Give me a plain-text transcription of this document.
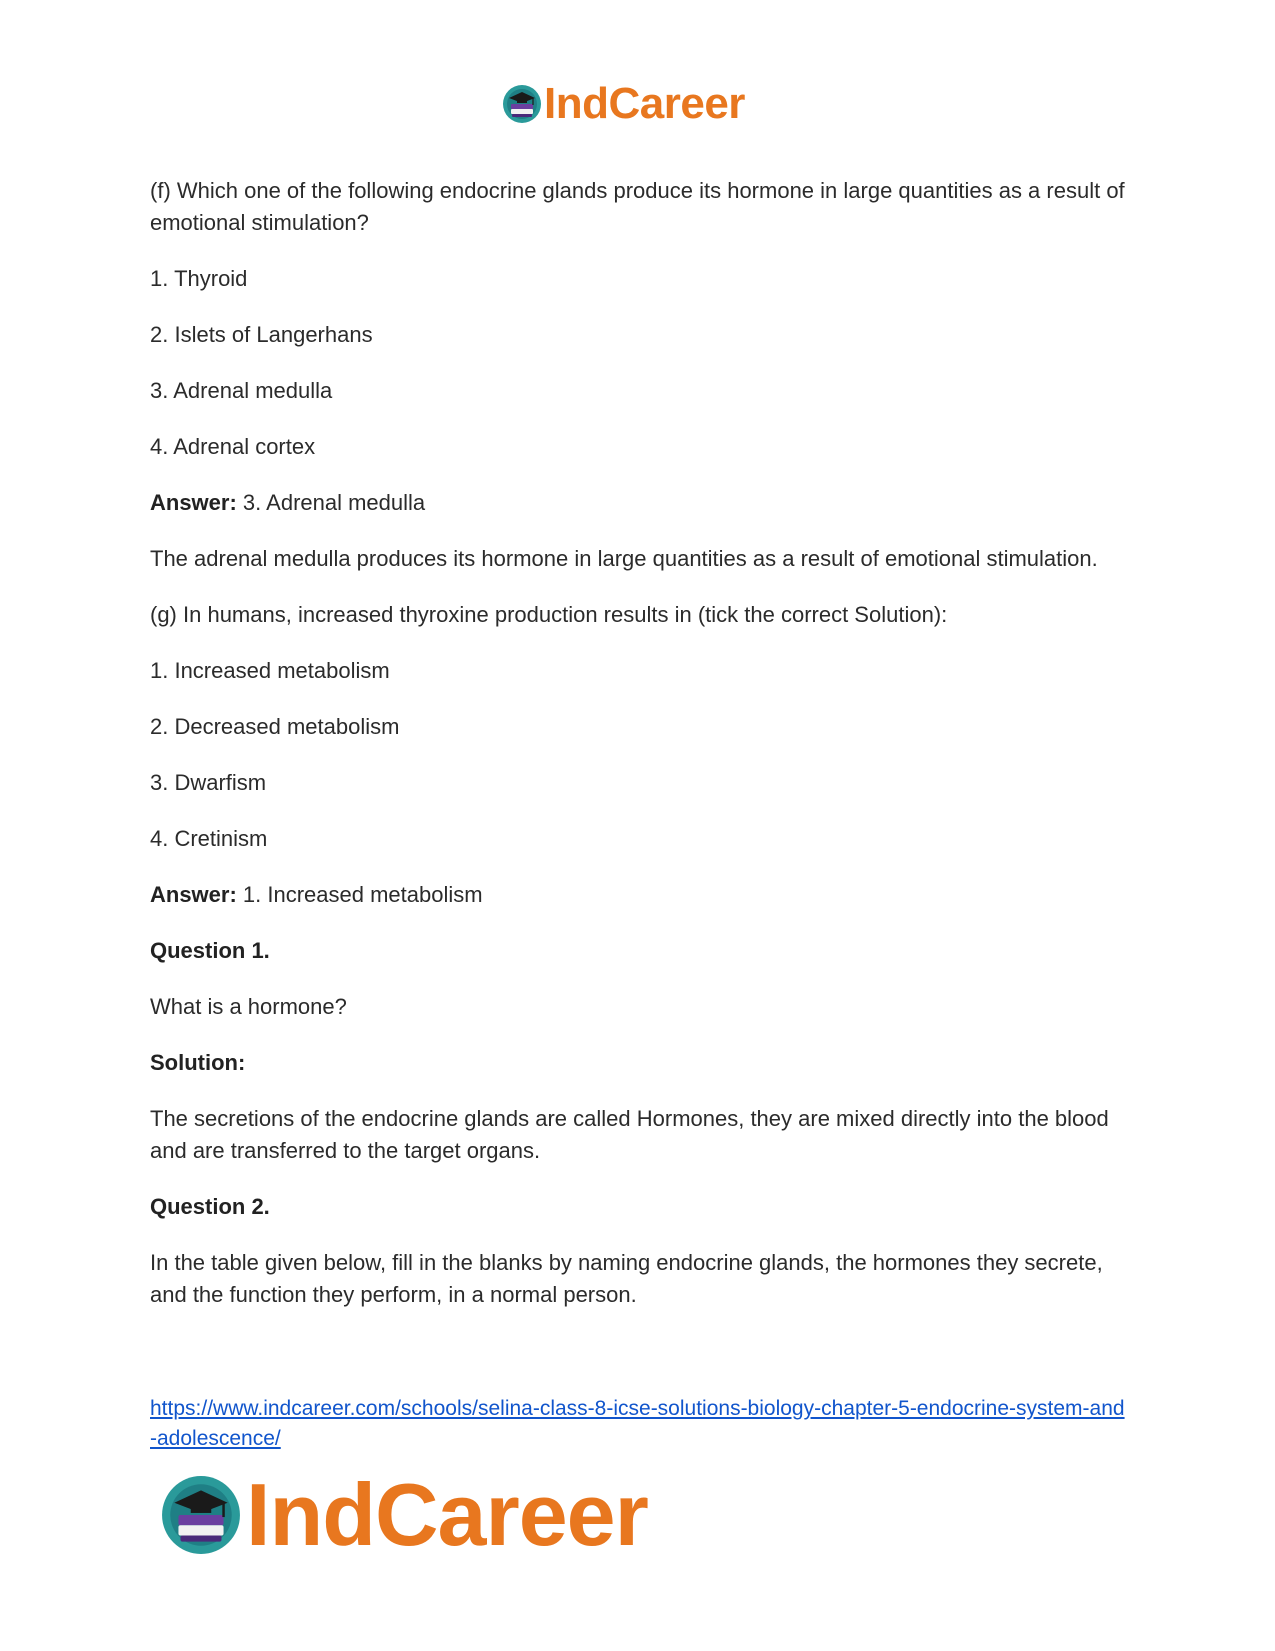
IndCareer

(f) Which one of the following endocrine glands produce its hormone in large quantities as a result of emotional stimulation?

1. Thyroid

2. Islets of Langerhans

3. Adrenal medulla

4. Adrenal cortex

Answer: 3. Adrenal medulla

The adrenal medulla produces its hormone in large quantities as a result of emotional stimulation.

(g) In humans, increased thyroxine production results in (tick the correct Solution):

1. Increased metabolism

2. Decreased metabolism

3. Dwarfism

4. Cretinism

Answer: 1. Increased metabolism

Question 1.

What is a hormone?

Solution:

The secretions of the endocrine glands are called Hormones, they are mixed directly into the blood and are transferred to the target organs.

Question 2.

In the table given below, fill in the blanks by naming endocrine glands, the hormones they secrete, and the function they perform, in a normal person.

https://www.indcareer.com/schools/selina-class-8-icse-solutions-biology-chapter-5-endocrine-system-and-adolescence/
IndCareer
